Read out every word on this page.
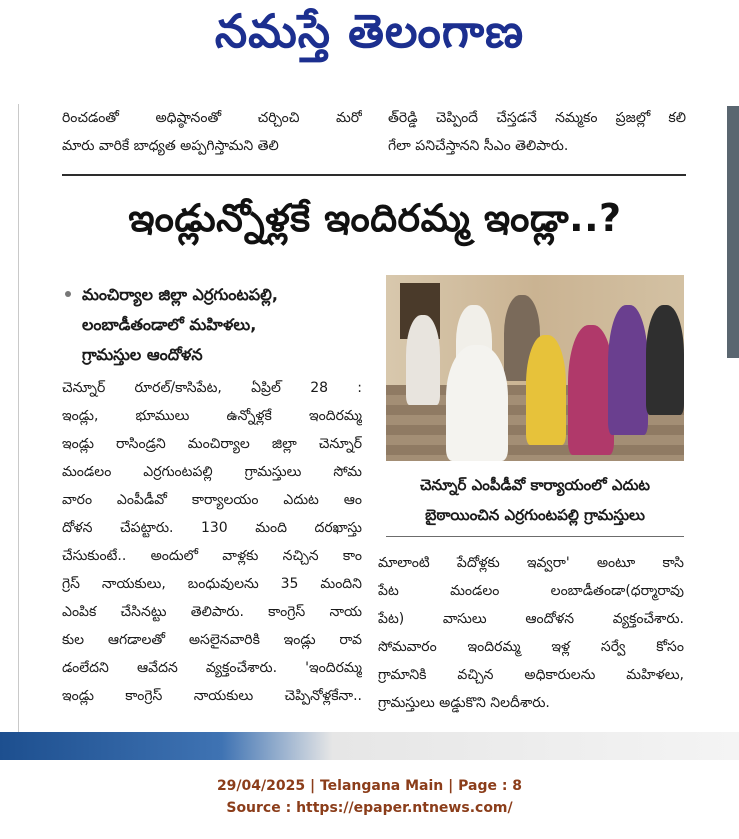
నమస్తే తెలంగాణ
రించడంతో అధిష్ఠానంతో చర్చించి మరో
మారు వారికే బాధ్యత అప్పగిస్తామని తెలి
త్‌రెడ్డి చెప్పిందే చేస్తడనే నమ్మకం ప్రజల్లో కలి
గేలా పనిచేస్తానని సీఎం తెలిపారు.
ఇండ్లున్నోళ్లకే ఇందిరమ్మ ఇండ్లా..?
మంచిర్యాల జిల్లా ఎర్రగుంటపల్లి,
లంబాడీతండాలో మహిళలు,
గ్రామస్తుల ఆందోళన
చెన్నూర్ రూరల్/కాసిపేట, ఏప్రిల్ 28 :
ఇండ్లు, భూములు ఉన్నోళ్లకే ఇందిరమ్మ
ఇండ్లు రాసిండ్రని మంచిర్యాల జిల్లా చెన్నూర్
మండలం ఎర్రగుంటపల్లి గ్రామస్తులు సోమ
వారం ఎంపీడీవో కార్యాలయం ఎదుట ఆం
దోళన చేపట్టారు. 130 మంది దరఖాస్తు
చేసుకుంటే.. అందులో వాళ్లకు నచ్చిన కాం
గ్రెస్ నాయకులు, బంధువులను 35 మందిని
ఎంపిక చేసినట్టు తెలిపారు. కాంగ్రెస్ నాయ
కుల ఆగడాలతో అసలైనవారికి ఇండ్లు రావ
డంలేదని ఆవేదన వ్యక్తంచేశారు. 'ఇందిరమ్మ
ఇండ్లు కాంగ్రెస్ నాయకులు చెప్పినోళ్లకేనా..
చెన్నూర్ ఎంపీడీవో కార్యాయంలో ఎదుట
బైఠాయించిన ఎర్రగుంటపల్లి గ్రామస్తులు
మాలాంటి పేదోళ్లకు ఇవ్వరా' అంటూ కాసి
పేట మండలం లంబాడీతండా(ధర్మారావు
పేట) వాసులు ఆందోళన వ్యక్తంచేశారు.
సోమవారం ఇందిరమ్మ ఇళ్ల సర్వే కోసం
గ్రామానికి వచ్చిన అధికారులను మహిళలు,
గ్రామస్తులు అడ్డుకొని నిలదీశారు.
29/04/2025 | Telangana Main | Page : 8
Source : https://epaper.ntnews.com/
